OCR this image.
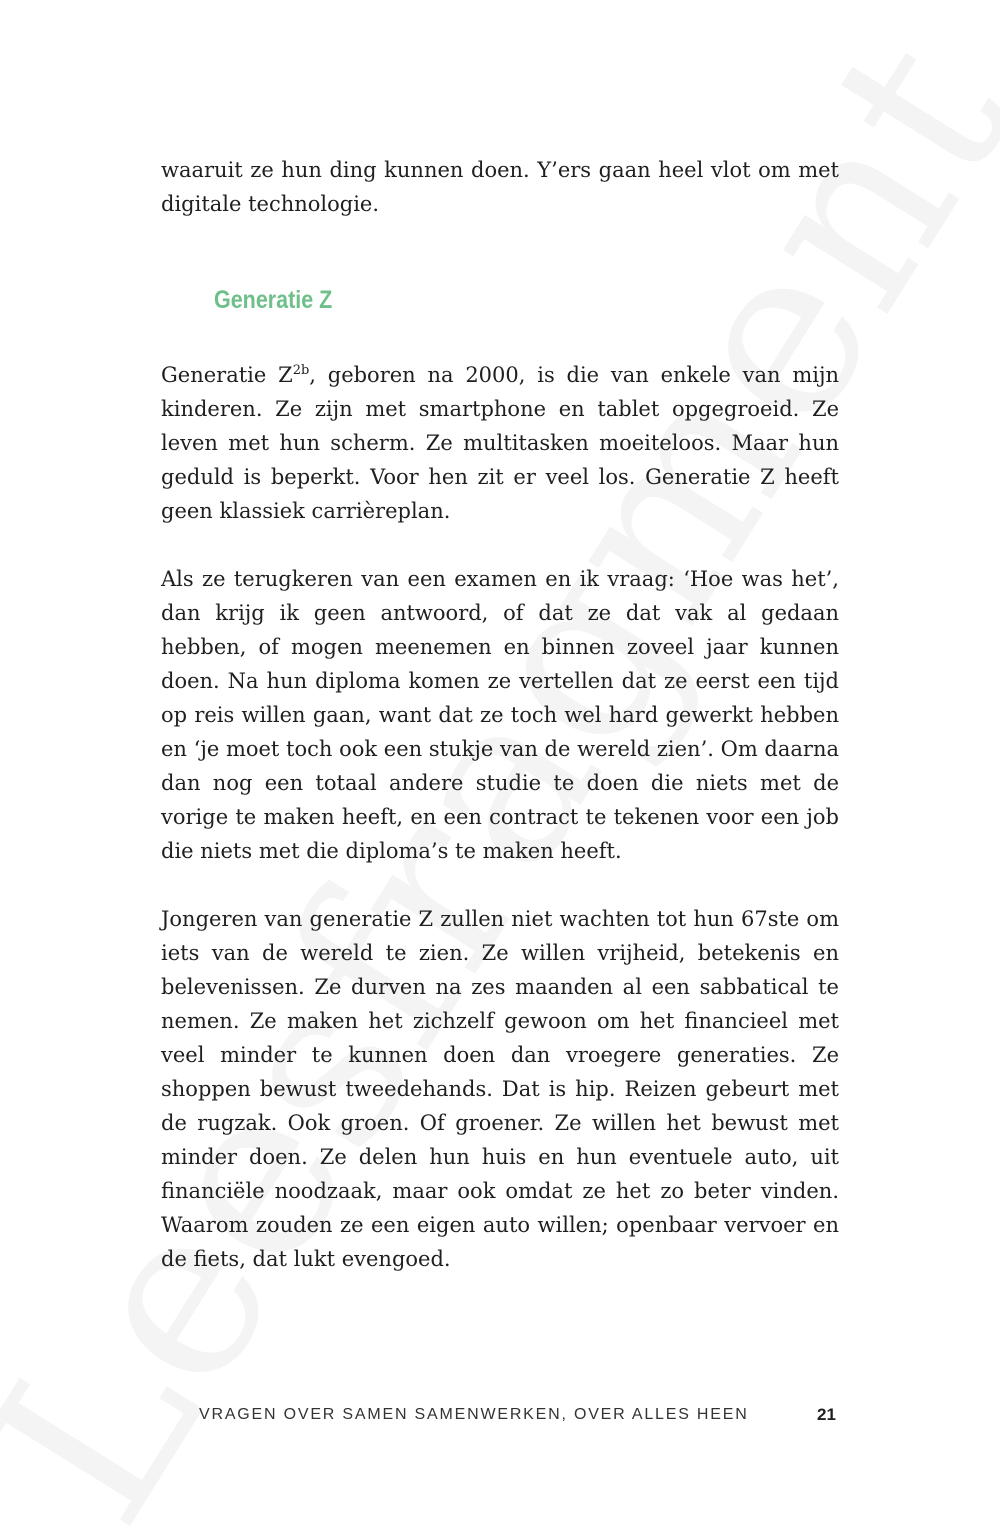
waaruit ze hun ding kunnen doen. Y’ers gaan heel vlot om met digitale technologie.

Generatie Z

Generatie $Z^{2b}$, geboren na 2000, is die van enkele van mijn kinderen. Ze zijn met smartphone en tablet opgegroeid. Ze leven met hun scherm. Ze multitasken moeiteloos. Maar hun geduld is beperkt. Voor hen zit er veel los. Generatie Z heeft geen klassiek carrièreplan.

Als ze terugkeren van een examen en ik vraag: ‘Hoe was het’, dan krijg ik geen antwoord, of dat ze dat vak al gedaan hebben, of mogen meenemen en binnen zoveel jaar kunnen doen. Na hun diploma komen ze vertellen dat ze eerst een tijd op reis willen gaan, want dat ze toch wel hard gewerkt hebben en ‘je moet toch ook een stukje van de wereld zien’. Om daarna dan nog een totaal andere studie te doen die niets met de vorige te maken heeft, en een contract te tekenen voor een job die niets met die diploma’s te maken heeft.

Jongeren van generatie Z zullen niet wachten tot hun 67ste om iets van de wereld te zien. Ze willen vrijheid, betekenis en belevenissen. Ze durven na zes maanden al een sabbatical te nemen. Ze maken het zichzelf gewoon om het financieel met veel minder te kunnen doen dan vroegere generaties. Ze shoppen bewust tweedehands. Dat is hip. Reizen gebeurt met de rugzak. Ook groen. Of groener. Ze willen het bewust met minder doen. Ze delen hun huis en hun eventuele auto, uit financiële noodzaak, maar ook omdat ze het zo beter vinden. Waarom zouden ze een eigen auto willen; openbaar vervoer en de fiets, dat lukt evengoed.

VRAGEN OVER SAMEN SAMENWERKEN, OVER ALLES HEEN	21
